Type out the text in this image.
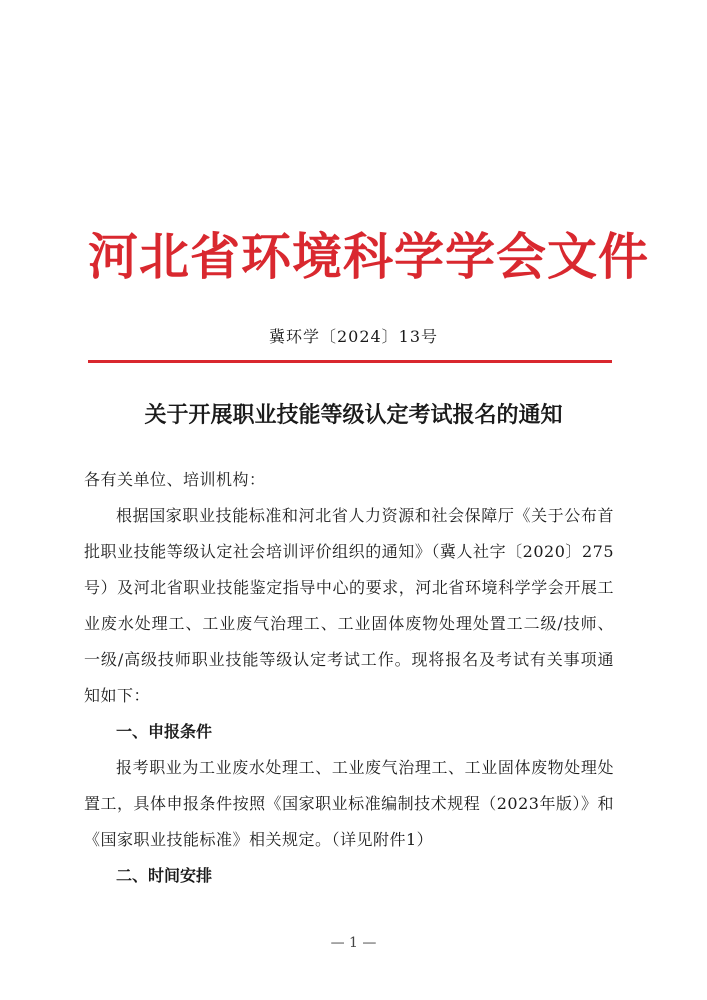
河北省环境科学学会文件
冀环学〔2024〕13号
关于开展职业技能等级认定考试报名的通知

各有关单位、培训机构：

根据国家职业技能标准和河北省人力资源和社会保障厅《关于公布首批职业技能等级认定社会培训评价组织的通知》（冀人社字〔2020〕275号）及河北省职业技能鉴定指导中心的要求，河北省环境科学学会开展工业废水处理工、工业废气治理工、工业固体废物处理处置工二级/技师、一级/高级技师职业技能等级认定考试工作。现将报名及考试有关事项通知如下：

一、申报条件

报考职业为工业废水处理工、工业废气治理工、工业固体废物处理处置工，具体申报条件按照《国家职业标准编制技术规程（2023年版）》和《国家职业技能标准》相关规定。（详见附件1）

二、时间安排

— 1 —
